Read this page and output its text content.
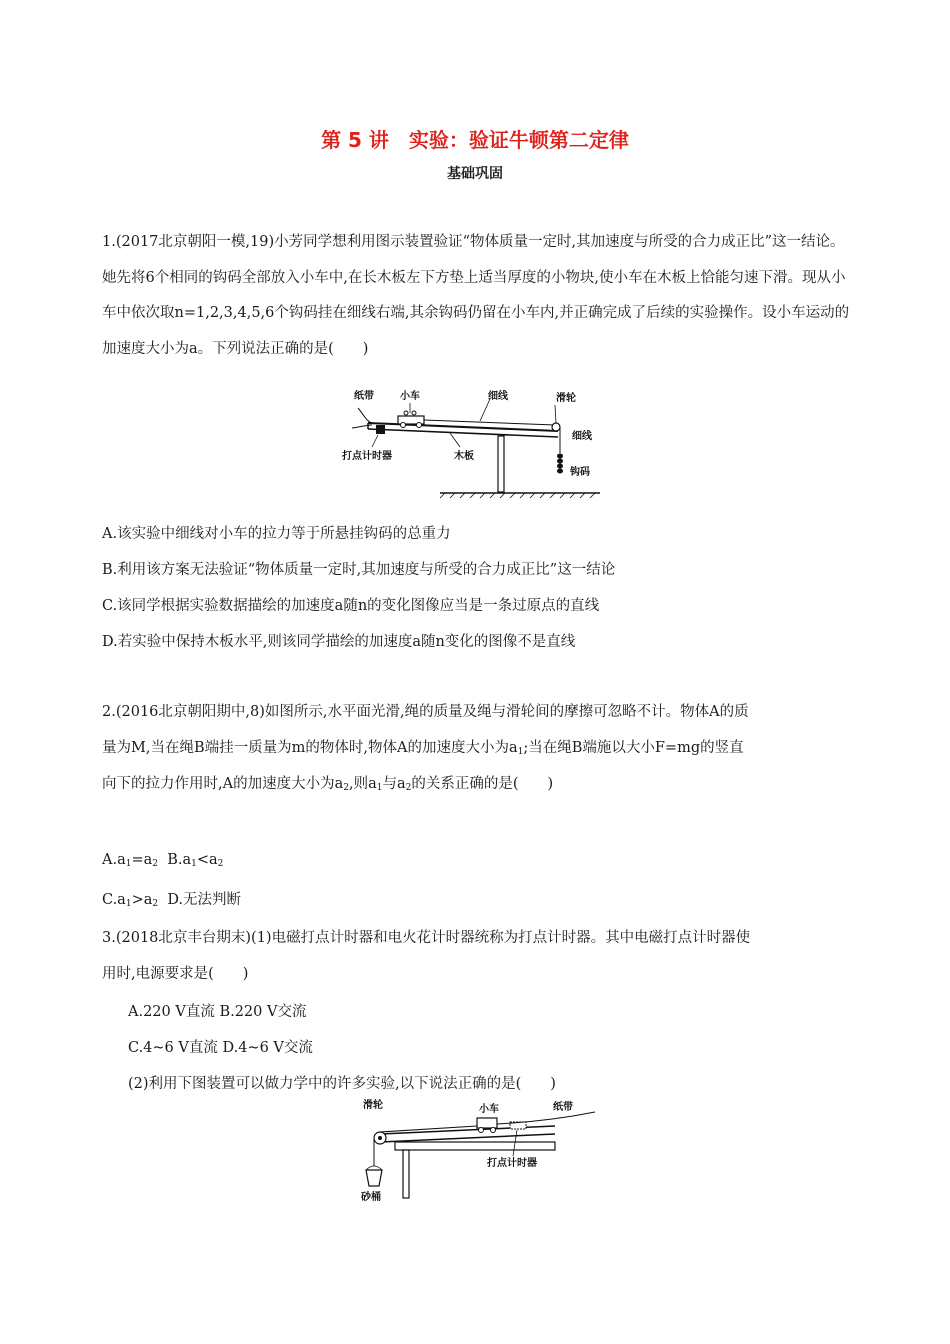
第 5 讲　实验：验证牛顿第二定律
基础巩固
1.(2017北京朝阳一模,19)小芳同学想利用图示装置验证“物体质量一定时,其加速度与所受的合力成正比”这一结论。她先将6个相同的钩码全部放入小车中,在长木板左下方垫上适当厚度的小物块,使小车在木板上恰能匀速下滑。现从小车中依次取n=1,2,3,4,5,6个钩码挂在细线右端,其余钩码仍留在小车内,并正确完成了后续的实验操作。设小车运动的加速度大小为a。下列说法正确的是(　　)
纸带	小车	细线	滑轮
细线
打点计时器	木板
钩码
A.该实验中细线对小车的拉力等于所悬挂钩码的总重力
B.利用该方案无法验证“物体质量一定时,其加速度与所受的合力成正比”这一结论
C.该同学根据实验数据描绘的加速度a随n的变化图像应当是一条过原点的直线
D.若实验中保持木板水平,则该同学描绘的加速度a随n变化的图像不是直线
2.(2016北京朝阳期中,8)如图所示,水平面光滑,绳的质量及绳与滑轮间的摩擦可忽略不计。物体A的质
量为M,当在绳B端挂一质量为m的物体时,物体A的加速度大小为$a_1$;当在绳B端施以大小F=mg的竖直
向下的拉力作用时,A的加速度大小为$a_2$,则$a_1$与$a_2$的关系正确的是(　　)
$A.a_1=a_2$ $B.a_1<a_2$
$C.a_1>a_2$ D.无法判断
3.(2018北京丰台期末)(1)电磁打点计时器和电火花计时器统称为打点计时器。其中电磁打点计时器使
用时,电源要求是(　　)
A.220 V直流 B.220 V交流
C.4~6 V直流 D.4~6 V交流
(2)利用下图装置可以做力学中的许多实验,以下说法正确的是(　　)
滑轮	小车	纸带
打点计时器
砂桶
